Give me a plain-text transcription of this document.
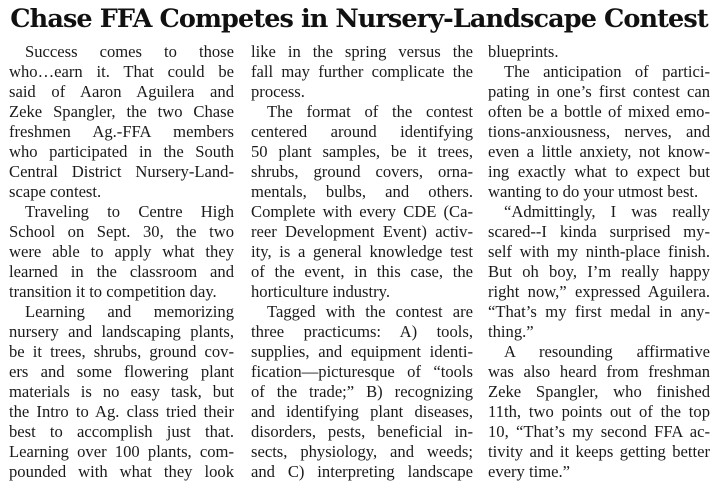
Chase FFA Competes in Nursery-Landscape Contest
Success comes to those
who…earn it. That could be
said of Aaron Aguilera and
Zeke Spangler, the two Chase
freshmen Ag.-FFA members
who participated in the South
Central District Nursery-Land-
scape contest.
Traveling to Centre High
School on Sept. 30, the two
were able to apply what they
learned in the classroom and
transition it to competition day.
Learning and memorizing
nursery and landscaping plants,
be it trees, shrubs, ground cov-
ers and some flowering plant
materials is no easy task, but
the Intro to Ag. class tried their
best to accomplish just that.
Learning over 100 plants, com-
pounded with what they look
like in the spring versus the
fall may further complicate the
process.
The format of the contest
centered around identifying
50 plant samples, be it trees,
shrubs, ground covers, orna-
mentals, bulbs, and others.
Complete with every CDE (Ca-
reer Development Event) activ-
ity, is a general knowledge test
of the event, in this case, the
horticulture industry.
Tagged with the contest are
three practicums: A) tools,
supplies, and equipment identi-
fication—picturesque of “tools
of the trade;” B) recognizing
and identifying plant diseases,
disorders, pests, beneficial in-
sects, physiology, and weeds;
and C) interpreting landscape
blueprints.
The anticipation of partici-
pating in one’s first contest can
often be a bottle of mixed emo-
tions-anxiousness, nerves, and
even a little anxiety, not know-
ing exactly what to expect but
wanting to do your utmost best.
“Admittingly, I was really
scared--I kinda surprised my-
self with my ninth-place finish.
But oh boy, I’m really happy
right now,” expressed Aguilera.
“That’s my first medal in any-
thing.”
A resounding affirmative
was also heard from freshman
Zeke Spangler, who finished
11th, two points out of the top
10, “That’s my second FFA ac-
tivity and it keeps getting better
every time.”
